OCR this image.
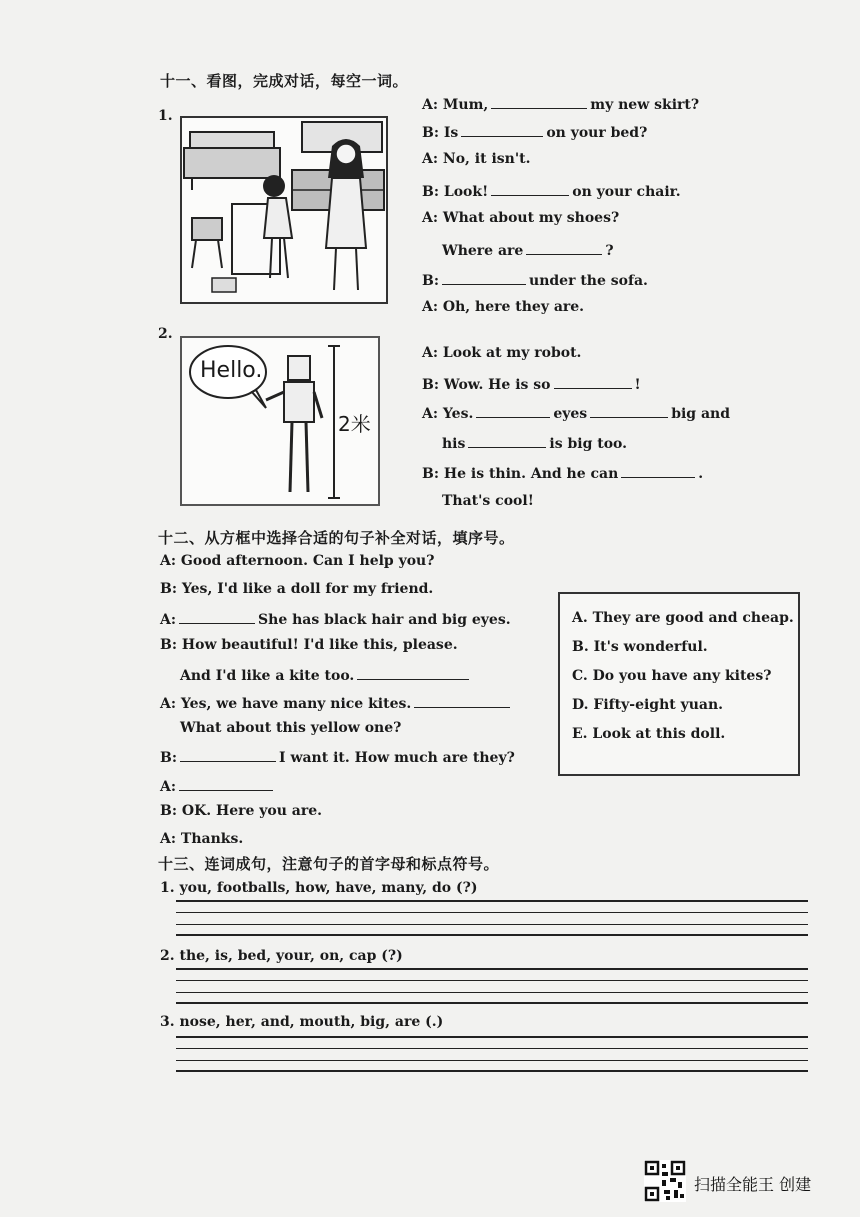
十一、看图，完成对话，每空一词。
1.
A: Mum,	my new skirt?
B: Is	on your bed?
A: No, it isn't.
B: Look!	on your chair.
A: What about my shoes?
Where are	?
B:	under the sofa.
A: Oh, here they are.
2.
Hello.
2米
A: Look at my robot.
B: Wow. He is so	!
A: Yes.	eyes	big and
his	is big too.
B: He is thin. And he can	.
That's cool!
十二、从方框中选择合适的句子补全对话，填序号。
A: Good afternoon. Can I help you?
B: Yes, I'd like a doll for my friend.
A:	She has black hair and big eyes.
B: How beautiful! I'd like this, please.
And I'd like a kite too.
A: Yes, we have many nice kites.
What about this yellow one?
B:	I want it. How much are they?
A:
B: OK. Here you are.
A: Thanks.
A. They are good and cheap.
B. It's wonderful.
C. Do you have any kites?
D. Fifty-eight yuan.
E. Look at this doll.
十三、连词成句，注意句子的首字母和标点符号。
1. you, footballs, how, have, many, do (?)
2. the, is, bed, your, on, cap (?)
3. nose, her, and, mouth, big, are (.)
扫描全能王 创建
